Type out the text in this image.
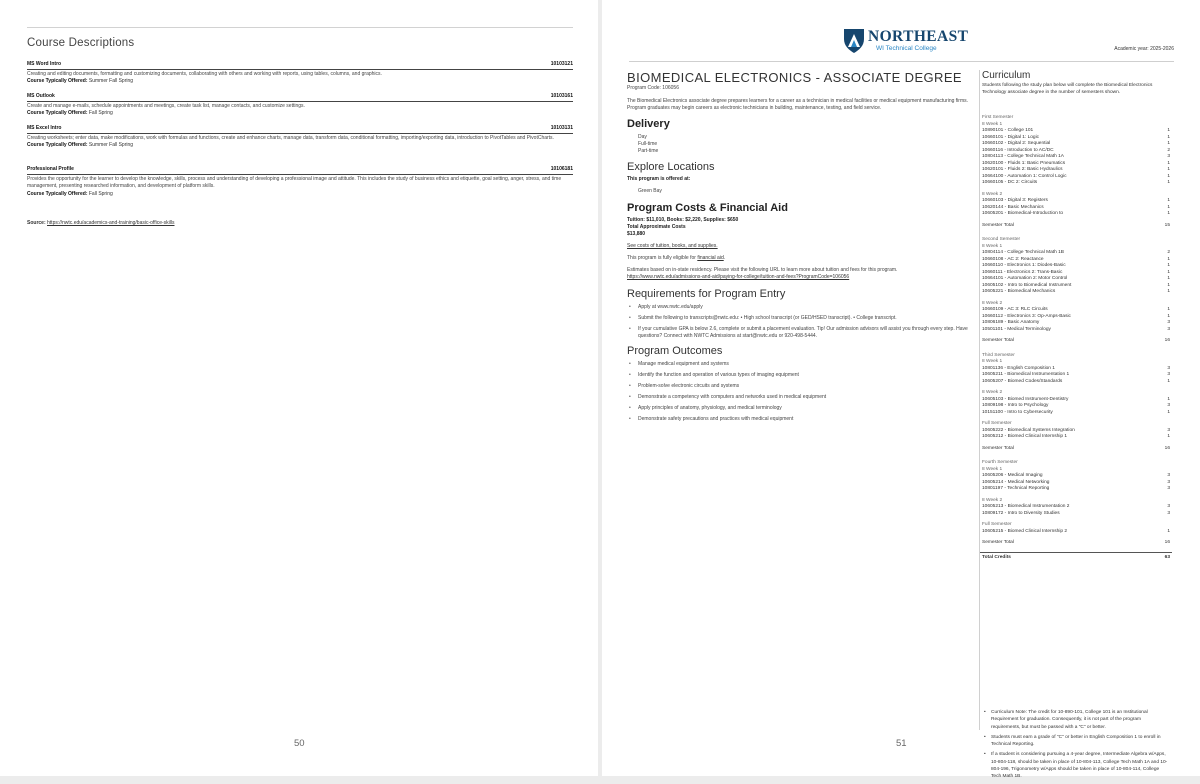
Course Descriptions
MS Word Intro	10103121
Creating and editing documents, formatting and customizing documents, collaborating with others and working with reports, using tables, columns, and graphics.
Course Typically Offered: Summer Fall Spring
MS Outlook	10103161
Create and manage e-mails, schedule appointments and meetings, create task list, manage contacts, and customize settings.
Course Typically Offered: Fall Spring
MS Excel Intro	10103131
Creating worksheets; enter data, make modifications, work with formulas and functions, create and enhance charts, manage data, transform data, conditional formatting, importing/exporting data, introduction to PivotTables and PivotCharts.
Course Typically Offered: Summer Fall Spring
Professional Profile	10106181
Provides the opportunity for the learner to develop the knowledge, skills, process and understanding of developing a professional image and attitude. This includes the study of business ethics and etiquette, goal setting, anger, stress, and time management, presenting researched information, and development of platform skills.
Course Typically Offered: Fall Spring
Source: https://nwtc.edu/academics-and-training/basic-office-skills
50
NORTHEAST
WI Technical College	Academic year: 2025-2026
BIOMEDICAL ELECTRONICS - ASSOCIATE DEGREE

Program Code: 106056

The Biomedical Electronics associate degree prepares learners for a career as a technician in medical facilities or medical equipment manufacturing firms. Program graduates may begin careers as electronic technicians in building, maintenance, testing, and field service.

Delivery
Day
Full-time
Part-time
Explore Locations

This program is offered at:

Green Bay
Program Costs & Financial Aid

Tuition: $11,010, Books: $2,220, Supplies: $650

Total Approximate Costs

$13,880

See costs of tuition, books, and supplies.

This program is fully eligible for financial aid.

Estimates based on in-state residency. Please visit the following URL to learn more about tuition and fees for this program.

https://www.nwtc.edu/admissions-and-aid/paying-for-college/tuition-and-fees?ProgramCode=106056

Requirements for Program Entry
• Apply at www.nwtc.edu/apply
• Submit the following to transcripts@nwtc.edu: • High school transcript (or GED/HSED transcript). • College transcript.
• If your cumulative GPA is below 2.6, complete or submit a placement evaluation. Tip! Our admission advisors will assist you through every step. Have questions? Connect with NWTC Admissions at start@nwtc.edu or 920-498-5444.
Program Outcomes
• Manage medical equipment and systems
• Identify the function and operation of various types of imaging equipment
• Problem-solve electronic circuits and systems
• Demonstrate a competency with computers and networks used in medical equipment
• Apply principles of anatomy, physiology, and medical terminology
• Demonstrate safety precautions and practices with medical equipment
Curriculum
Students following the study plan below will complete the Biomedical Electronics Technology associate degree in the number of semesters shown.
First Semester
8 Week 1
10890101 - College 101	1
10660101 - Digital 1: Logic	1
10660102 - Digital 2: Sequential	1
10660116 - Introduction to AC/DC	2
10804113 - College Technical Math 1A	3
10620100 - Fluids 1: Basic Pneumatics	1
10620101 - Fluids 2: Basic Hydraulics	1
10664100 - Automation 1: Control Logic	1
10660105 - DC 2: Circuits	1
8 Week 2
10660103 - Digital 3: Registers	1
10620144 - Basic Mechanics	1
10605201 - Biomedical-Introduction to	1
Semester Total	15
Second Semester
8 Week 1
10804114 - College Technical Math 1B	2
10660108 - AC 2: Reactance	1
10660110 - Electronics 1: Diodes-Basic	1
10660111 - Electronics 2: Trans-Basic	1
10664101 - Automation 2: Motor Control	1
10605102 - Intro to Biomedical Instrument	1
10605221 - Biomedical Mechanics	1
8 Week 2
10660109 - AC 3: RLC Circuits	1
10660112 - Electronics 3: Op-Amps-Basic	1
10806189 - Basic Anatomy	3
10501101 - Medical Terminology	3
Semester Total	16
Third Semester
8 Week 1
10801136 - English Composition 1	3
10605211 - Biomedical Instrumentation 1	3
10605207 - Biomed Codes/Standards	1
8 Week 2
10605103 - Biomed Instrument-Dentistry	1
10809198 - Intro to Psychology	3
10151100 - Intro to Cybersecurity	1
Full Semester
10605222 - Biomedical Systems Integration	3
10605212 - Biomed Clinical Internship 1	1
Semester Total	16
Fourth Semester
8 Week 1
10605206 - Medical Imaging	3
10605214 - Medical Networking	3
10801197 - Technical Reporting	3
8 Week 2
10605213 - Biomedical Instrumentation 2	3
10809172 - Intro to Diversity Studies	3
Full Semester
10605215 - Biomed Clinical Internship 2	1
Semester Total	16
Total Credits	63
• Curriculum Note: The credit for 10-890-101, College 101 is an Institutional Requirement for graduation. Consequently, it is not part of the program requirements, but must be passed with a "C" or better.
• Students must earn a grade of "C" or better in English Composition 1 to enroll in Technical Reporting.
• If a student is considering pursuing a 4-year degree, Intermediate Algebra w/Apps, 10-804-118, should be taken in place of 10-804-113, College Tech Math 1A and 10-804-196, Trigonometry w/Apps should be taken in place of 10-804-114, College Tech Math 1B.
51
